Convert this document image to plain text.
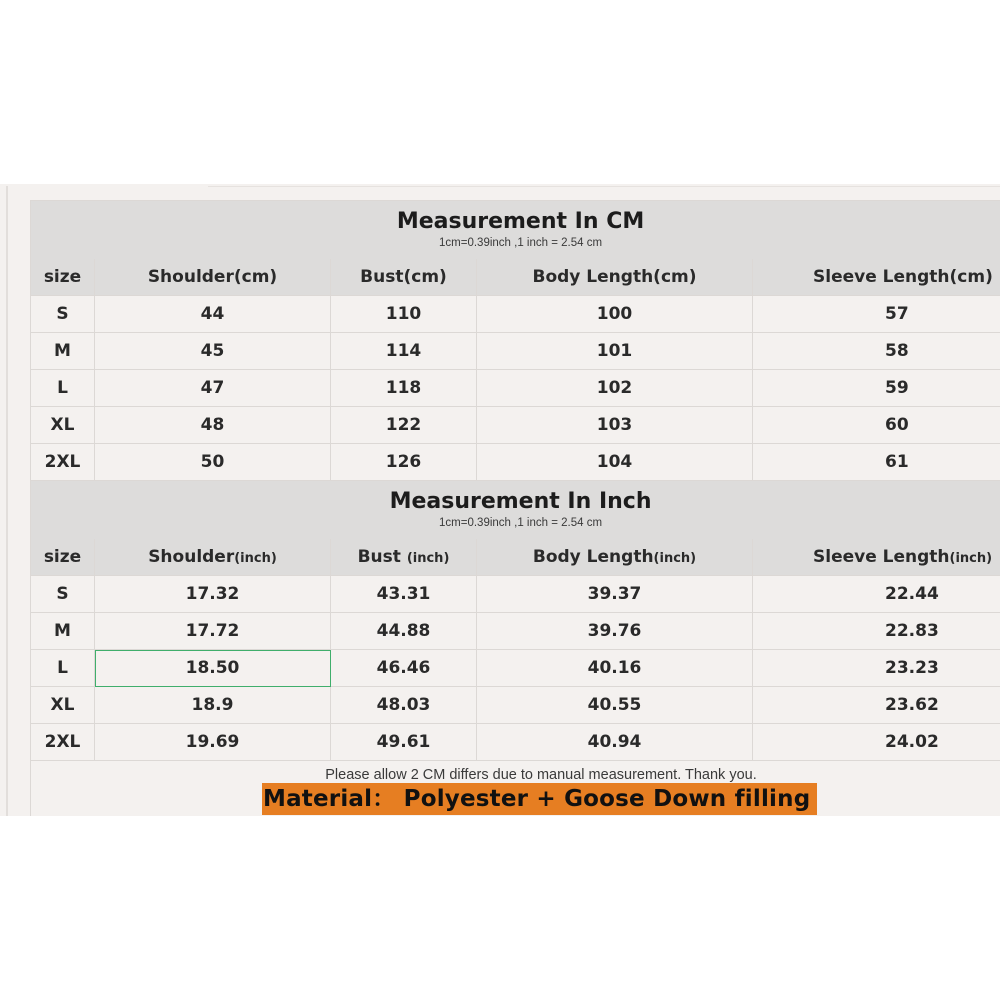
Measurement In CM
1cm=0.39inch ,1 inch = 2.54 cm				

size	Shoulder(cm)	Bust(cm)	Body Length(cm)	Sleeve Length(cm)
S	44	110	100	57
M	45	114	101	58
L	47	118	102	59
XL	48	122	103	60
2XL	50	126	104	61

Measurement In Inch
1cm=0.39inch ,1 inch = 2.54 cm				

size	Shoulder(inch)	Bust (inch)	Body Length(inch)	Sleeve Length(inch)
S	17.32	43.31	39.37	22.44
M	17.72	44.88	39.76	22.83
L	18.50	46.46	40.16	23.23
XL	18.9	48.03	40.55	23.62
2XL	19.69	49.61	40.94	24.02

Please allow 2 CM differs due to manual measurement. Thank you.
Material： Polyester + Goose Down filling				
